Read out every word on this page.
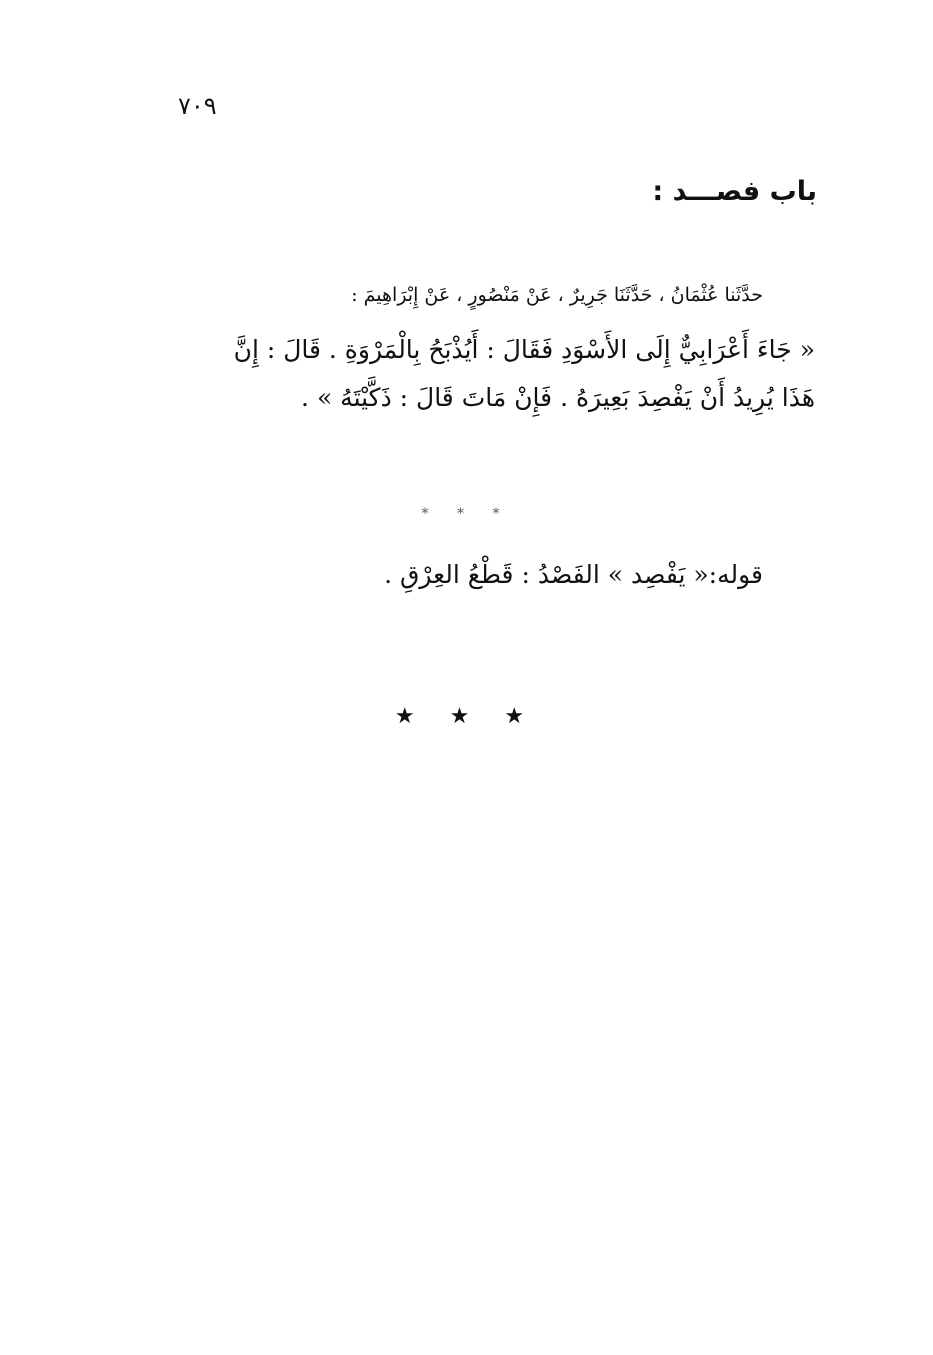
٧٠٩
باب فصـــد :
حدَّثَنا عُثْمَانُ ، حَدَّثَنَا جَرِيرٌ ، عَنْ مَنْصُورٍ ، عَنْ إِبْرَاهِيمَ :
« جَاءَ أَعْرَابِيٌّ إِلَى الأَسْوَدِ فَقَالَ : أَيُذْبَحُ بِالْمَرْوَةِ . قَالَ : إِنَّ
هَذَا يُرِيدُ أَنْ يَفْصِدَ بَعِيرَهُ . فَإِنْ مَاتَ قَالَ : ذَكَّيْتَهُ » .
* * *
قوله:« يَفْصِد » الفَصْدُ : قَطْعُ العِرْقِ .
★ ★ ★
